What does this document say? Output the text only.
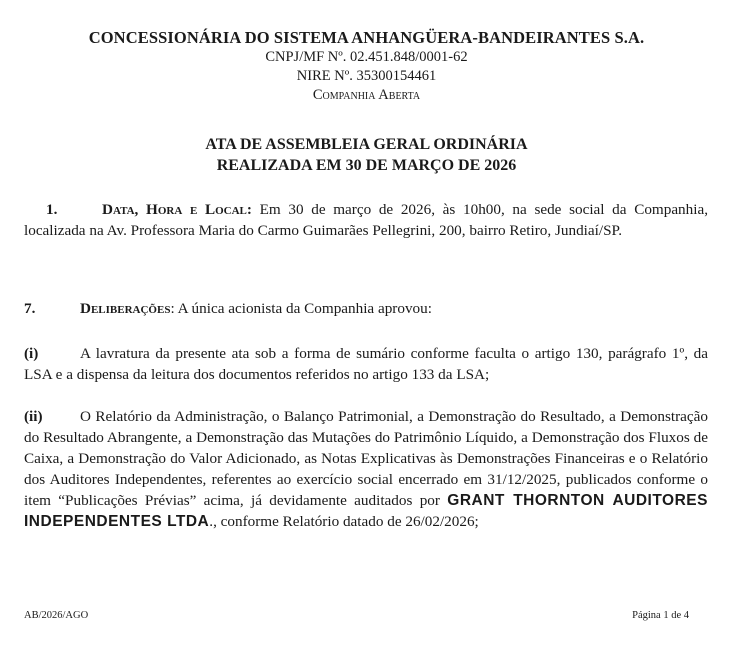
CONCESSIONÁRIA DO SISTEMA ANHANGÜERA-BANDEIRANTES S.A.
CNPJ/MF Nº. 02.451.848/0001-62
NIRE Nº. 35300154461
Companhia Aberta
ATA DE ASSEMBLEIA GERAL ORDINÁRIA
REALIZADA EM 30 DE MARÇO DE 2026
1.	Data, Hora e Local: Em 30 de março de 2026, às 10h00, na sede social da Companhia, localizada na Av. Professora Maria do Carmo Guimarães Pellegrini, 200, bairro Retiro, Jundiaí/SP.
7.	Deliberações: A única acionista da Companhia aprovou:
(i)	A lavratura da presente ata sob a forma de sumário conforme faculta o artigo 130, parágrafo 1º, da LSA e a dispensa da leitura dos documentos referidos no artigo 133 da LSA;
(ii) O Relatório da Administração, o Balanço Patrimonial, a Demonstração do Resultado, a Demonstração do Resultado Abrangente, a Demonstração das Mutações do Patrimônio Líquido, a Demonstração dos Fluxos de Caixa, a Demonstração do Valor Adicionado, as Notas Explicativas às Demonstrações Financeiras e o Relatório dos Auditores Independentes, referentes ao exercício social encerrado em 31/12/2025, publicados conforme o item “Publicações Prévias” acima, já devidamente auditados por GRANT THORNTON AUDITORES INDEPENDENTES LTDA., conforme Relatório datado de 26/02/2026;
AB/2026/AGO	Página 1 de 4
